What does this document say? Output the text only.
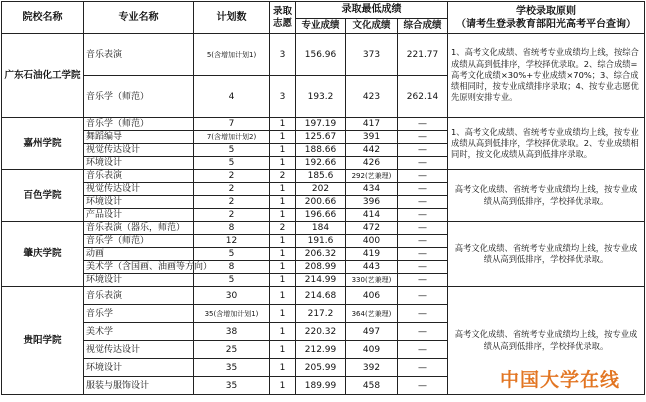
院校名称	专业名称	计划数	录取志愿	录取最低成绩			学校录取原则
（请考生登录教育部阳光高考平台查询）
				专业成绩	文化成绩	综合成绩	
广东石油化工学院	音乐表演	5(含增加计划1)	3	156.96	373	221.77	1、高考文化成绩、省统考专业成绩均上线，按综合成绩从高到低排序，学校择优录取。2、综合成绩=高考文化成绩×30%+专业成绩×70%；3、综合成绩相同时，按专业成绩排序录取；4、按专业志愿优先原则安排专业。
	音乐学（师范）	4	3	193.2	423	262.14	
嘉州学院	音乐学（师范）	7	1	197.19	417	—	1、高考文化成绩、省统考专业成绩均上线，按专业成绩从高到低排序，学校择优录取。2、专业成绩相同时，按文化成绩从高到低排序录取。
	舞蹈编导	7(含增加计划2)	1	125.67	391	—	
	视觉传达设计	5	1	188.66	442	—	
	环境设计	5	1	192.66	426	—	
百色学院	音乐表演	2	2	185.6	292(艺兼理)	—	高考文化成绩、省统考专业成绩均上线，按专业成绩从高到低排序，学校择优录取。
	视觉传达设计	2	1	202	434	—	
	环境设计	2	1	200.66	396	—	
	产品设计	2	1	196.66	414	—	
肇庆学院	音乐表演（器乐，师范）	8	2	184	472	—	高考文化成绩、省统考专业成绩均上线，按专业成绩从高到低排序，学校择优录取。
	音乐学（师范）	12	1	191.6	400	—	
	动画	5	1	206.32	419	—	
	美术学（含国画、油画等方向）	8	1	208.99	443	—	
	环境设计	5	1	214.99	330(艺兼理)	—	
贵阳学院	音乐表演	30	1	214.68	406	—	高考文化成绩、省统考专业成绩均上线，按专业成绩从高到低排序，学校择优录取。
	音乐学	35(含增加计划1)	1	217.2	364(艺兼理)	—	
	美术学	38	1	220.32	497	—	
	视觉传达设计	25	1	212.99	409	—	
	环境设计	35	1	205.99	392	—	
	服装与服饰设计	35	1	189.99	458	—		中国大学在线
